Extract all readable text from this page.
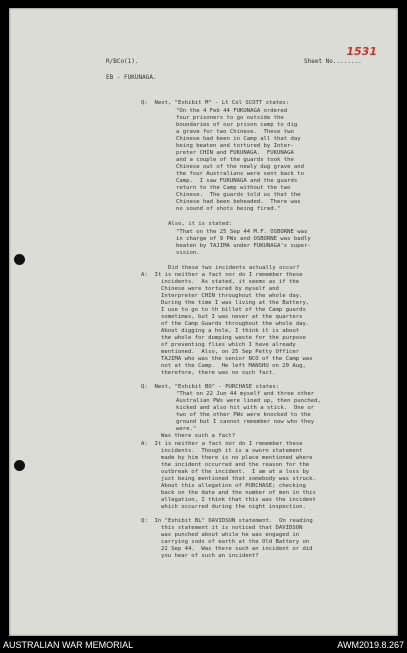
R/BCo(1).	Sheet No........
1531
EB - FUKUNAGA.
Q:  Next, "Exhibit M" - Lt Col SCOTT states:
"On the 4 Feb 44 FUKUNAGA ordered
four prisoners to go outside the
boundaries of our prison camp to dig
a grave for two Chinese.  These two
Chinese had been in Camp all that day
being beaten and tortured by Inter-
preter CHIN and FUKUNAGA.  FUKUNAGA
and a couple of the guards took the
Chinese out of the newly dug grave and
the four Australians were sent back to
Camp.  I saw FUKUNAGA and the guards
return to the Camp without the two
Chinese.  The guards told us that the
Chinese had been beheaded.  There was
no sound of shots being fired."
Also, it is stated:
"That on the 25 Sep 44 M.F. OSBORNE was
in charge of 9 PWs and OSBORNE was badly
beaten by TAJIMA under FUKUNAGA's super-
vision.
Did these two incidents actually occur?
A:  It is neither a fact nor do I remember these
incidents.  As stated, it seems as if the
Chinese were tortured by myself and
Interpreter CHIN throughout the whole day.
During the time I was living at the Battery,
I use to go to th billet of the Camp guards
sometimes, but I was never at the quarters
of the Camp Guards throughout the whole day.
About digging a hole, I think it is about
the whole for dumping waste for the purpose
of preventing flies which I have already
mentioned.  Also, on 25 Sep Petty Officer
TAJIMA who was the senior NCO of the Camp was
not at the Camp.  He left MANSHU on 20 Aug,
therefore, there was no such fact.
Q:  Next, "Exhibit BO" - PURCHASE states:
"That on 22 Jun 44 myself and three other
Australian PWs were lined up, then punched,
kicked and also hit with a stick.  One or
two of the other PWs were knocked to the
ground but I cannot remember now who they
were."
Was there such a fact?
A:  It is neither a fact nor do I remember these
incidents.  Though it is a sworn statement
made by him there is no place mentioned where
the incident occurred and the reason for the
outbreak of the incident.  I am at a loss by
just being mentioned that somebody was struck.
About this allegation of PURCHASE; checking
back on the date and the number of men in this
allegation, I think that this was the incident
which occurred during the night inspection.
Q:  In "Exhibit BL" DAVIDSON statement.  On reading
this statement it is noticed that DAVIDSON
was punched about while he was engaged in
carrying sods of earth at the Old Battery on
22 Sep 44.  Was there such an incident or did
you hear of such an incident?
AUSTRALIAN WAR MEMORIAL	AWM2019.8.267
